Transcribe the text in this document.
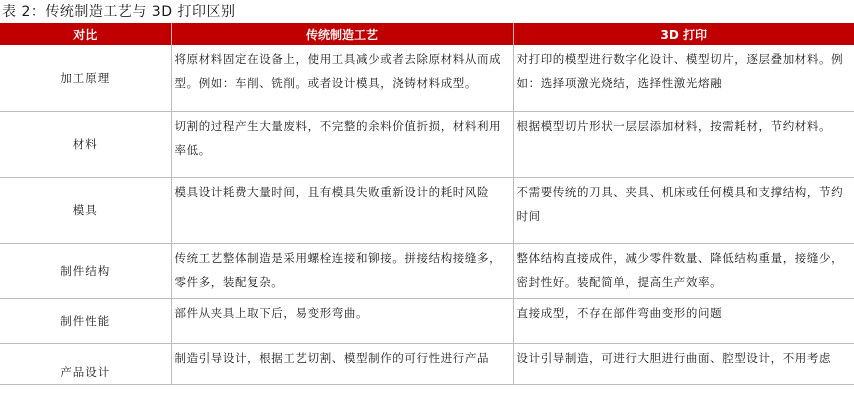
表 2：传统制造工艺与 3D 打印区别
对比	传统制造工艺	3D 打印
加工原理	将原材料固定在设备上，使用工具减少或者去除原材料从而成型。例如：车削、铣削。或者设计模具，浇铸材料成型。	对打印的模型进行数字化设计、模型切片，逐层叠加材料。例如：选择项激光烧结，选择性激光熔融
材料	切割的过程产生大量废料，不完整的余料价值折损，材料利用率低。	根据模型切片形状一层层添加材料，按需耗材，节约材料。
模具	模具设计耗费大量时间，且有模具失败重新设计的耗时风险	不需要传统的刀具、夹具、机床或任何模具和支撑结构，节约时间
制件结构	传统工艺整体制造是采用螺栓连接和铆接。拼接结构接缝多，零件多，装配复杂。	整体结构直接成件，减少零件数量、降低结构重量，接缝少，密封性好。装配简单，提高生产效率。
制件性能	部件从夹具上取下后，易变形弯曲。	直接成型，不存在部件弯曲变形的问题
产品设计	制造引导设计，根据工艺切割、模型制作的可行性进行产品	设计引导制造，可进行大胆进行曲面、腔型设计，不用考虑
